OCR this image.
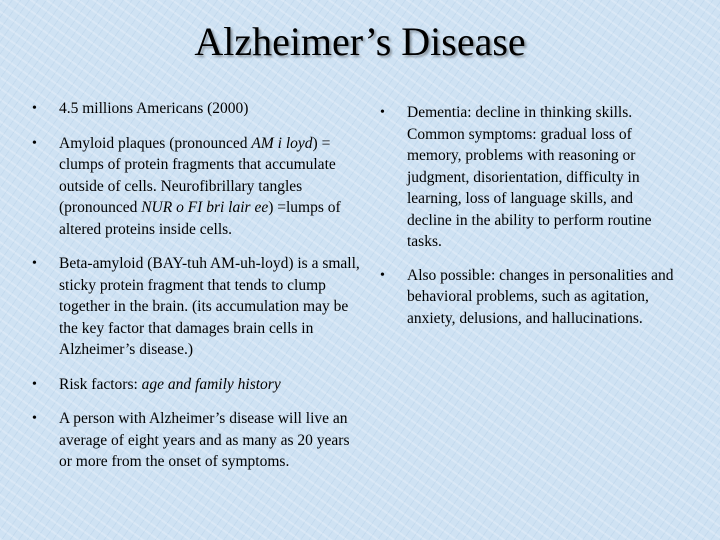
Alzheimer’s Disease
• 4.5 millions Americans (2000)
• Amyloid plaques (pronounced AM i loyd) = clumps of protein fragments that accumulate outside of cells. Neurofibrillary tangles (pronounced NUR o FI bri lair ee) =lumps of altered proteins inside cells.
• Beta-amyloid (BAY-tuh AM-uh-loyd) is a small, sticky protein fragment that tends to clump together in the brain. (its accumulation may be the key factor that damages brain cells in Alzheimer’s disease.)
• Risk factors: age and family history
• A person with Alzheimer’s disease will live an average of eight years and as many as 20 years or more from the onset of symptoms.
• Dementia: decline in thinking skills. Common symptoms: gradual loss of memory, problems with reasoning or judgment, disorientation, difficulty in learning, loss of language skills, and decline in the ability to perform routine tasks.
• Also possible: changes in personalities and behavioral problems, such as agitation, anxiety, delusions, and hallucinations.
